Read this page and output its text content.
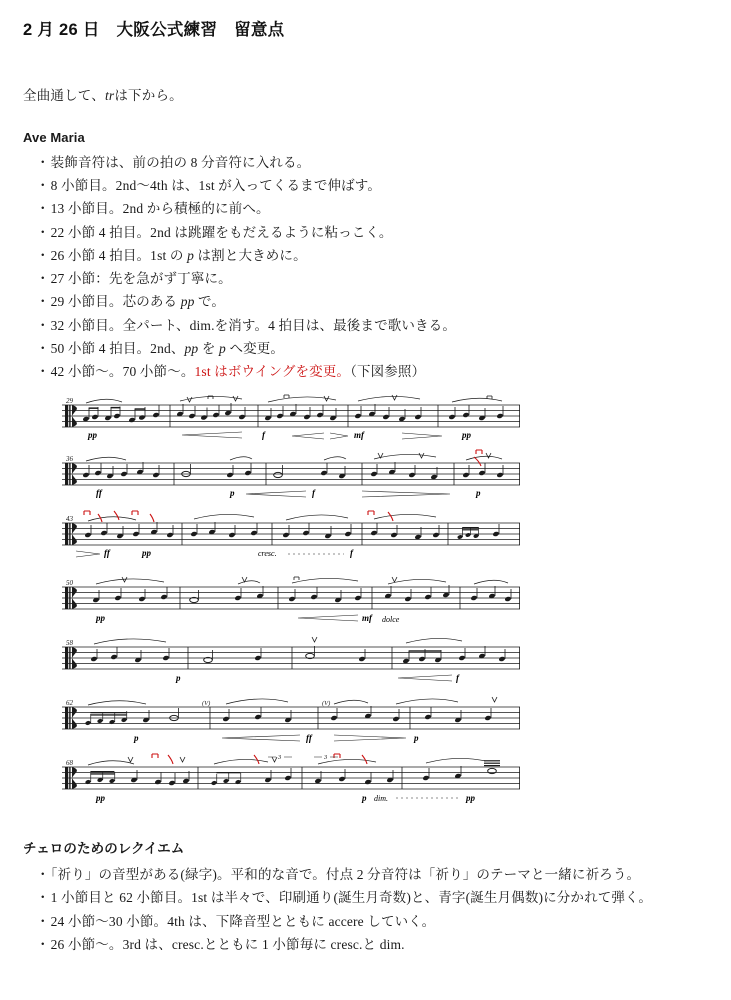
2 月 26 日　大阪公式練習　留意点
全曲通して、trは下から。
Ave Maria
・ 装飾音符は、前の拍の 8 分音符に入れる。
・ 8 小節目。2nd〜4th は、1st が入ってくるまで伸ばす。
・ 13 小節目。2nd から積極的に前へ。
・ 22 小節 4 拍目。2nd は跳躍をもだえるように粘っこく。
・ 26 小節 4 拍目。1st の p は割と大きめに。
・ 27 小節：先を急がず丁寧に。
・ 29 小節目。芯のある pp で。
・ 32 小節目。全パート、dim.を消す。4 拍目は、最後まで歌いきる。
・ 50 小節 4 拍目。2nd、pp を p へ変更。
・ 42 小節〜。70 小節〜。1st はボウイングを変更。（下図参照）
29
pp	f	mf	pp
36
ff	p	f	p
43
ff	pp	cresc.	f
50
pp	mf dolce
58
p	f
62	(V)	(V)
p	ff	p
68
3	3
pp	p dim.	pp
チェロのためのレクイエム
・ 「祈り」の音型がある(緑字)。平和的な音で。付点 2 分音符は「祈り」のテーマと一緒に祈ろう。
・ 1 小節目と 62 小節目。1st は半々で、印刷通り(誕生月奇数)と、青字(誕生月偶数)に分かれて弾く。
・ 24 小節〜30 小節。4th は、下降音型とともに accere していく。
・ 26 小節〜。3rd は、cresc.とともに 1 小節毎に cresc.と dim.
